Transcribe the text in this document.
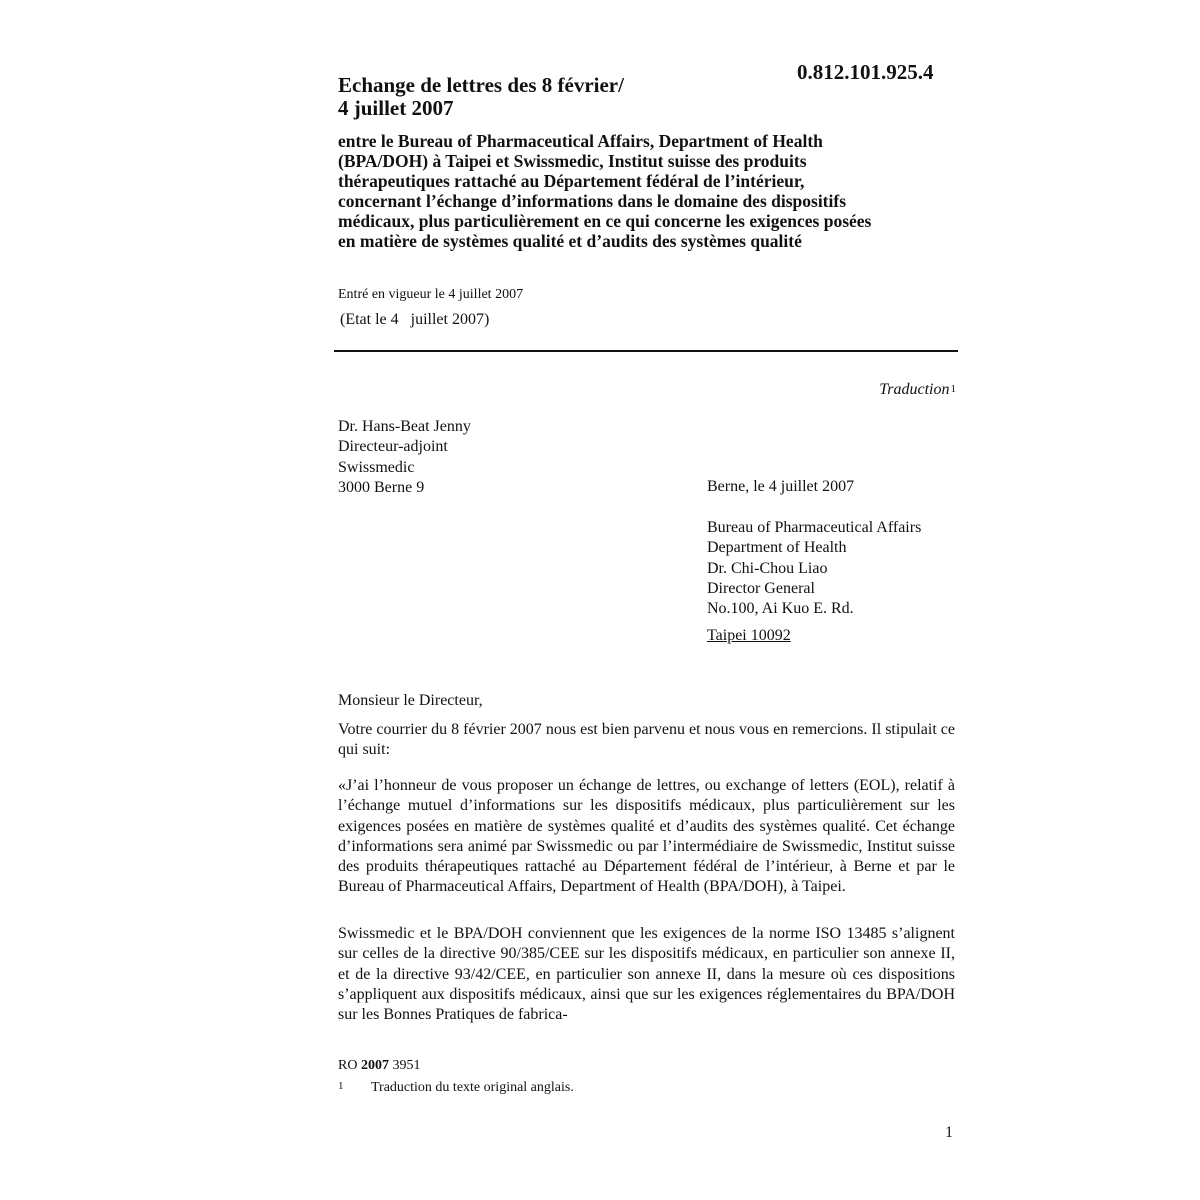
0.812.101.925.4
Echange de lettres des 8 février/
4 juillet 2007
entre le Bureau of Pharmaceutical Affairs, Department of Health
(BPA/DOH) à Taipei et Swissmedic, Institut suisse des produits
thérapeutiques rattaché au Département fédéral de l’intérieur,
concernant l’échange d’informations dans le domaine des dispositifs
médicaux, plus particulièrement en ce qui concerne les exigences posées
en matière de systèmes qualité et d’audits des systèmes qualité
Entré en vigueur le 4 juillet 2007
(Etat le 4   juillet 2007)
Traduction$^1$
Dr. Hans-Beat Jenny
Directeur-adjoint
Swissmedic
3000 Berne 9	Berne, le 4 juillet 2007
Bureau of Pharmaceutical Affairs
Department of Health
Dr. Chi-Chou Liao
Director General
No.100, Ai Kuo E. Rd.
Taipei 10092
Monsieur le Directeur,
Votre courrier du 8 février 2007 nous est bien parvenu et nous vous en remercions. Il stipulait ce qui suit:
«J’ai l’honneur de vous proposer un échange de lettres, ou exchange of letters (EOL), relatif à l’échange mutuel d’informations sur les dispositifs médicaux, plus particulièrement sur les exigences posées en matière de systèmes qualité et d’audits des systèmes qualité. Cet échange d’informations sera animé par Swissmedic ou par l’intermédiaire de Swissmedic, Institut suisse des produits thérapeutiques rattaché au Département fédéral de l’intérieur, à Berne et par le Bureau of Pharmaceutical Affairs, Department of Health (BPA/DOH), à Taipei.
Swissmedic et le BPA/DOH conviennent que les exigences de la norme ISO 13485 s’alignent sur celles de la directive 90/385/CEE sur les dispositifs médicaux, en particulier son annexe II, et de la directive 93/42/CEE, en particulier son annexe II, dans la mesure où ces dispositions s’appliquent aux dispositifs médicaux, ainsi que sur les exigences réglementaires du BPA/DOH sur les Bonnes Pratiques de fabrica-
RO 2007 3951
1 Traduction du texte original anglais.
1
